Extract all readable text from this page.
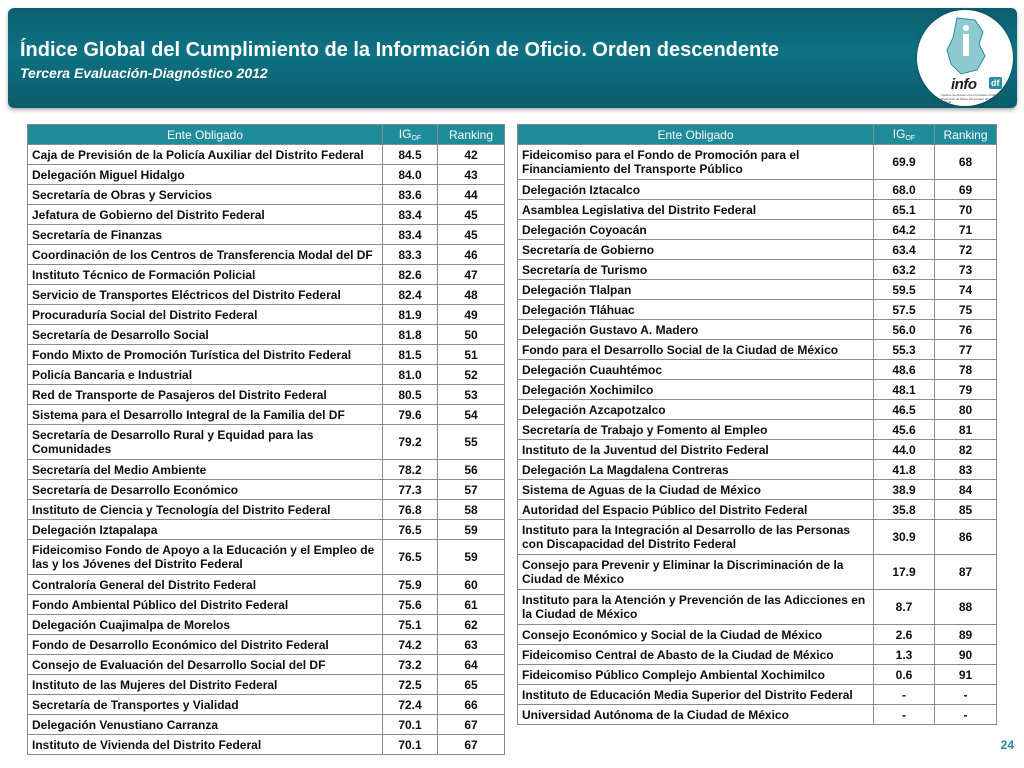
Índice Global del Cumplimiento de la Información de Oficio. Orden descendente

Tercera Evaluación-Diagnóstico 2012

info df
Instituto de Acceso a la Información Pública y Protección de Datos Personales del Distrito Federal
Ente Obligado	$IG_{OF}$	Ranking
Caja de Previsión de la Policía Auxiliar del Distrito Federal	84.5	42
Delegación Miguel Hidalgo	84.0	43
Secretaría de Obras y Servicios	83.6	44
Jefatura de Gobierno del Distrito Federal	83.4	45
Secretaría de Finanzas	83.4	45
Coordinación de los Centros de Transferencia Modal del DF	83.3	46
Instituto Técnico de Formación Policial	82.6	47
Servicio de Transportes Eléctricos del Distrito Federal	82.4	48
Procuraduría Social del Distrito Federal	81.9	49
Secretaría de Desarrollo Social	81.8	50
Fondo Mixto de Promoción Turística del Distrito Federal	81.5	51
Policía Bancaria e Industrial	81.0	52
Red de Transporte de Pasajeros del Distrito Federal	80.5	53
Sistema para el Desarrollo Integral de la Familia del DF	79.6	54
Secretaría de Desarrollo Rural y Equidad para las Comunidades	79.2	55
Secretaría del Medio Ambiente	78.2	56
Secretaría de Desarrollo Económico	77.3	57
Instituto de Ciencia y Tecnología del Distrito Federal	76.8	58
Delegación Iztapalapa	76.5	59
Fideicomiso Fondo de Apoyo a la Educación y el Empleo de las y los Jóvenes del Distrito Federal	76.5	59
Contraloría General del Distrito Federal	75.9	60
Fondo Ambiental Público del Distrito Federal	75.6	61
Delegación Cuajimalpa de Morelos	75.1	62
Fondo de Desarrollo Económico del Distrito Federal	74.2	63
Consejo de Evaluación del Desarrollo Social del DF	73.2	64
Instituto de las Mujeres del Distrito Federal	72.5	65
Secretaría de Transportes y Vialidad	72.4	66
Delegación Venustiano Carranza	70.1	67
Instituto de Vivienda del Distrito Federal	70.1	67
Ente Obligado	$IG_{OF}$	Ranking
Fideicomiso para el Fondo de Promoción para el Financiamiento del Transporte Público	69.9	68
Delegación Iztacalco	68.0	69
Asamblea Legislativa del Distrito Federal	65.1	70
Delegación Coyoacán	64.2	71
Secretaría de Gobierno	63.4	72
Secretaría de Turismo	63.2	73
Delegación Tlalpan	59.5	74
Delegación Tláhuac	57.5	75
Delegación Gustavo A. Madero	56.0	76
Fondo para el Desarrollo Social de la Ciudad de México	55.3	77
Delegación Cuauhtémoc	48.6	78
Delegación Xochimilco	48.1	79
Delegación Azcapotzalco	46.5	80
Secretaría de Trabajo y Fomento al Empleo	45.6	81
Instituto de la Juventud del Distrito Federal	44.0	82
Delegación La Magdalena Contreras	41.8	83
Sistema de Aguas de la Ciudad de México	38.9	84
Autoridad del Espacio Público del Distrito Federal	35.8	85
Instituto para la Integración al Desarrollo de las Personas con Discapacidad del Distrito Federal	30.9	86
Consejo para Prevenir y Eliminar la Discriminación de la Ciudad de México	17.9	87
Instituto para la Atención y Prevención de las Adicciones en la Ciudad de México	8.7	88
Consejo Económico y Social de la Ciudad de México	2.6	89
Fideicomiso Central de Abasto de la Ciudad de México	1.3	90
Fideicomiso Público Complejo Ambiental Xochimilco	0.6	91
Instituto de Educación Media Superior del Distrito Federal	-	-
Universidad Autónoma de la Ciudad de México	-	-
24
